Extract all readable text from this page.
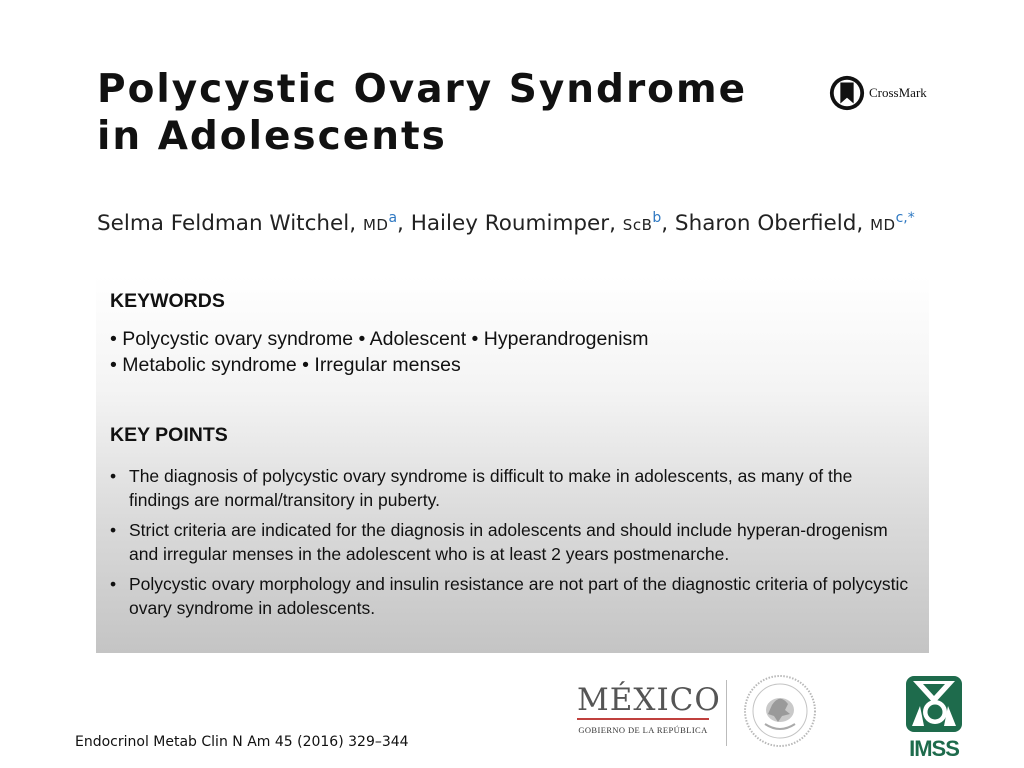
Polycystic Ovary Syndrome
in Adolescents
CrossMark

Selma Feldman Witchel, $MD^a$, Hailey Roumimper, ScB$^b$, Sharon Oberfield, $MD^{c,*}$

KEYWORDS
• Polycystic ovary syndrome • Adolescent • Hyperandrogenism
• Metabolic syndrome • Irregular menses
KEY POINTS
• The diagnosis of polycystic ovary syndrome is difficult to make in adolescents, as many of the findings are normal/transitory in puberty.
• Strict criteria are indicated for the diagnosis in adolescents and should include hyperan-drogenism and irregular menses in the adolescent who is at least 2 years postmenarche.
• Polycystic ovary morphology and insulin resistance are not part of the diagnostic criteria of polycystic ovary syndrome in adolescents.

Endocrinol Metab Clin N Am 45 (2016) 329–344

MÉXICO
GOBIERNO DE LA REPÚBLICA
IMSS
